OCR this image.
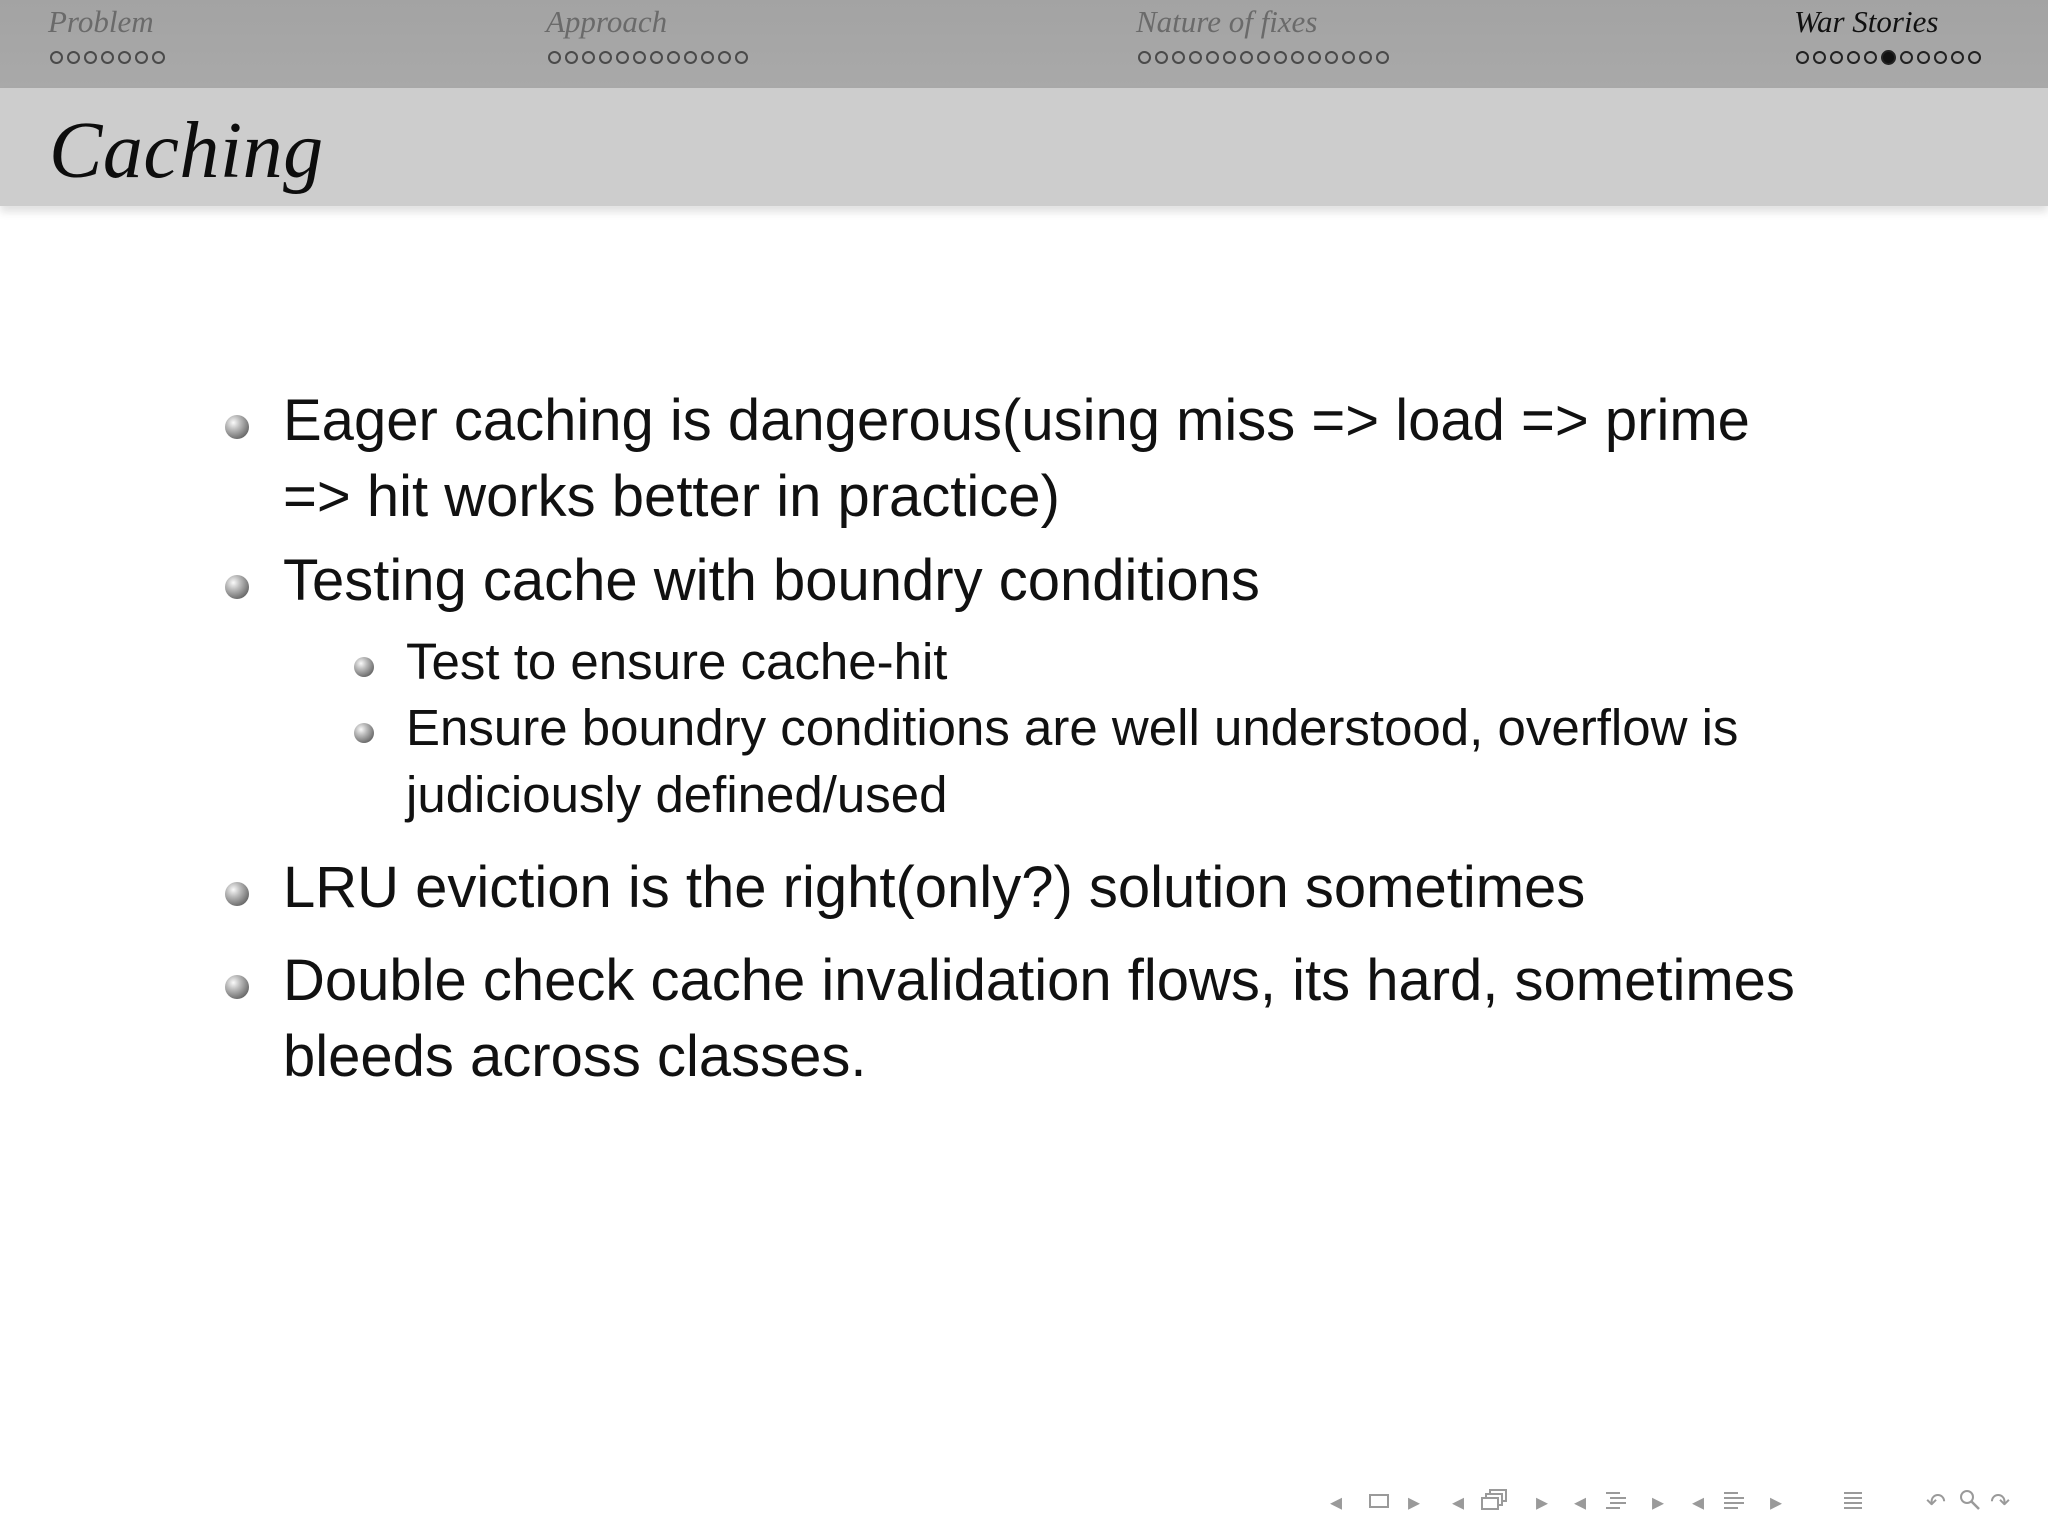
Problem	Approach	Nature of fixes	War Stories
Caching
Eager caching is dangerous(using miss => load => prime
=> hit works better in practice)
Testing cache with boundry conditions
Test to ensure cache-hit
Ensure boundry conditions are well understood, overflow is
judiciously defined/used
LRU eviction is the right(only?) solution sometimes
Double check cache invalidation flows, its hard, sometimes
bleeds across classes.
◂	▸ ◂	▸ ◂	▸ ◂	▸	↶ ↷
